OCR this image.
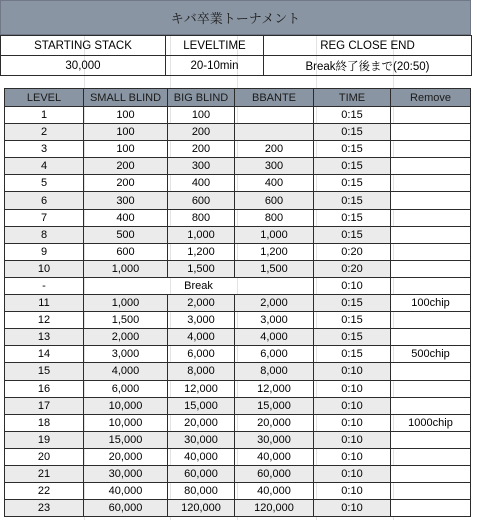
キバ卒業トーナメント
STARTING STACK	LEVELTIME	REG CLOSE END
30,000	20-10min	Break終了後まで(20:50)
LEVEL	SMALL BLIND	BIG BLIND	BBANTE	TIME	Remove
1	100	100		0:15	
2	100	200		0:15	
3	100	200	200	0:15	
4	200	300	300	0:15	
5	200	400	400	0:15	
6	300	600	600	0:15	
7	400	800	800	0:15	
8	500	1,000	1,000	0:15	
9	600	1,200	1,200	0:20	
10	1,000	1,500	1,500	0:20	
-	Break			0:10	
11	1,000	2,000	2,000	0:15	100chip
12	1,500	3,000	3,000	0:15	
13	2,000	4,000	4,000	0:15	
14	3,000	6,000	6,000	0:15	500chip
15	4,000	8,000	8,000	0:10	
16	6,000	12,000	12,000	0:10	
17	10,000	15,000	15,000	0:10	
18	10,000	20,000	20,000	0:10	1000chip
19	15,000	30,000	30,000	0:10	
20	20,000	40,000	40,000	0:10	
21	30,000	60,000	60,000	0:10	
22	40,000	80,000	40,000	0:10	
23	60,000	120,000	120,000	0:10	
